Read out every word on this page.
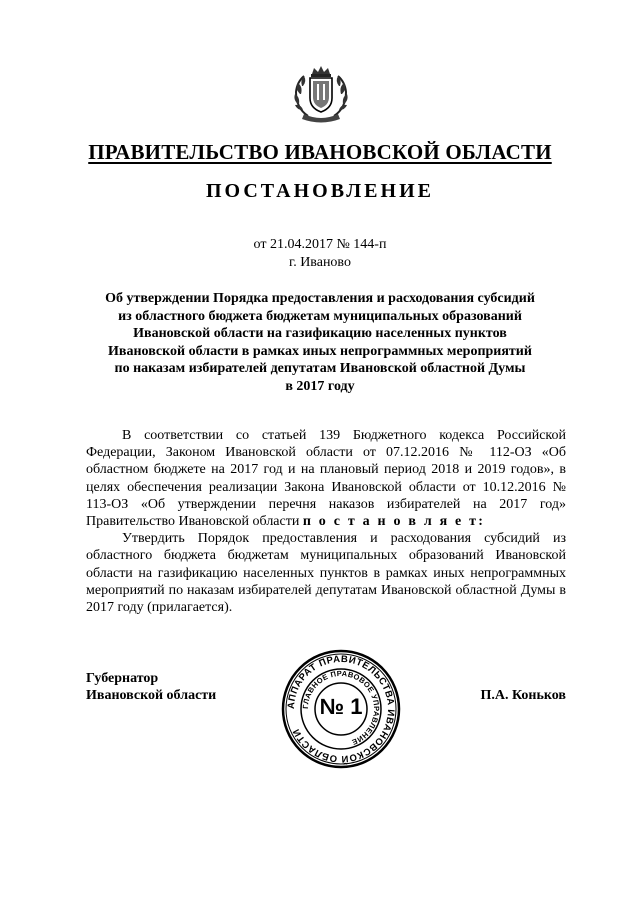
ПРАВИТЕЛЬСТВО ИВАНОВСКОЙ ОБЛАСТИ
ПОСТАНОВЛЕНИЕ
от 21.04.2017 № 144-п
г. Иваново
Об утверждении Порядка предоставления и расходования субсидий
из областного бюджета бюджетам муниципальных образований
Ивановской области на газификацию населенных пунктов
Ивановской области в рамках иных непрограммных мероприятий
по наказам избирателей депутатам Ивановской областной Думы
в 2017 году

В соответствии со статьей 139 Бюджетного кодекса Российской Федерации, Законом Ивановской области от 07.12.2016 № 112-ОЗ «Об областном бюджете на 2017 год и на плановый период 2018 и 2019 годов», в целях обеспечения реализации Закона Ивановской области от 10.12.2016 № 113-ОЗ «Об утверждении перечня наказов избирателей на 2017 год» Правительство Ивановской области п о с т а н о в л я е т:

Утвердить Порядок предоставления и расходования субсидий из областного бюджета бюджетам муниципальных образований Ивановской области на газификацию населенных пунктов в рамках иных непрограммных мероприятий по наказам избирателей депутатам Ивановской областной Думы в 2017 году (прилагается).

Губернатор
Ивановской области
АППАРАТ ПРАВИТЕЛЬСТВА ИВАНОВСКОЙ ОБЛАСТИ
ГЛАВНОЕ ПРАВОВОЕ УПРАВЛЕНИЕ
№ 1	П.А. Коньков
